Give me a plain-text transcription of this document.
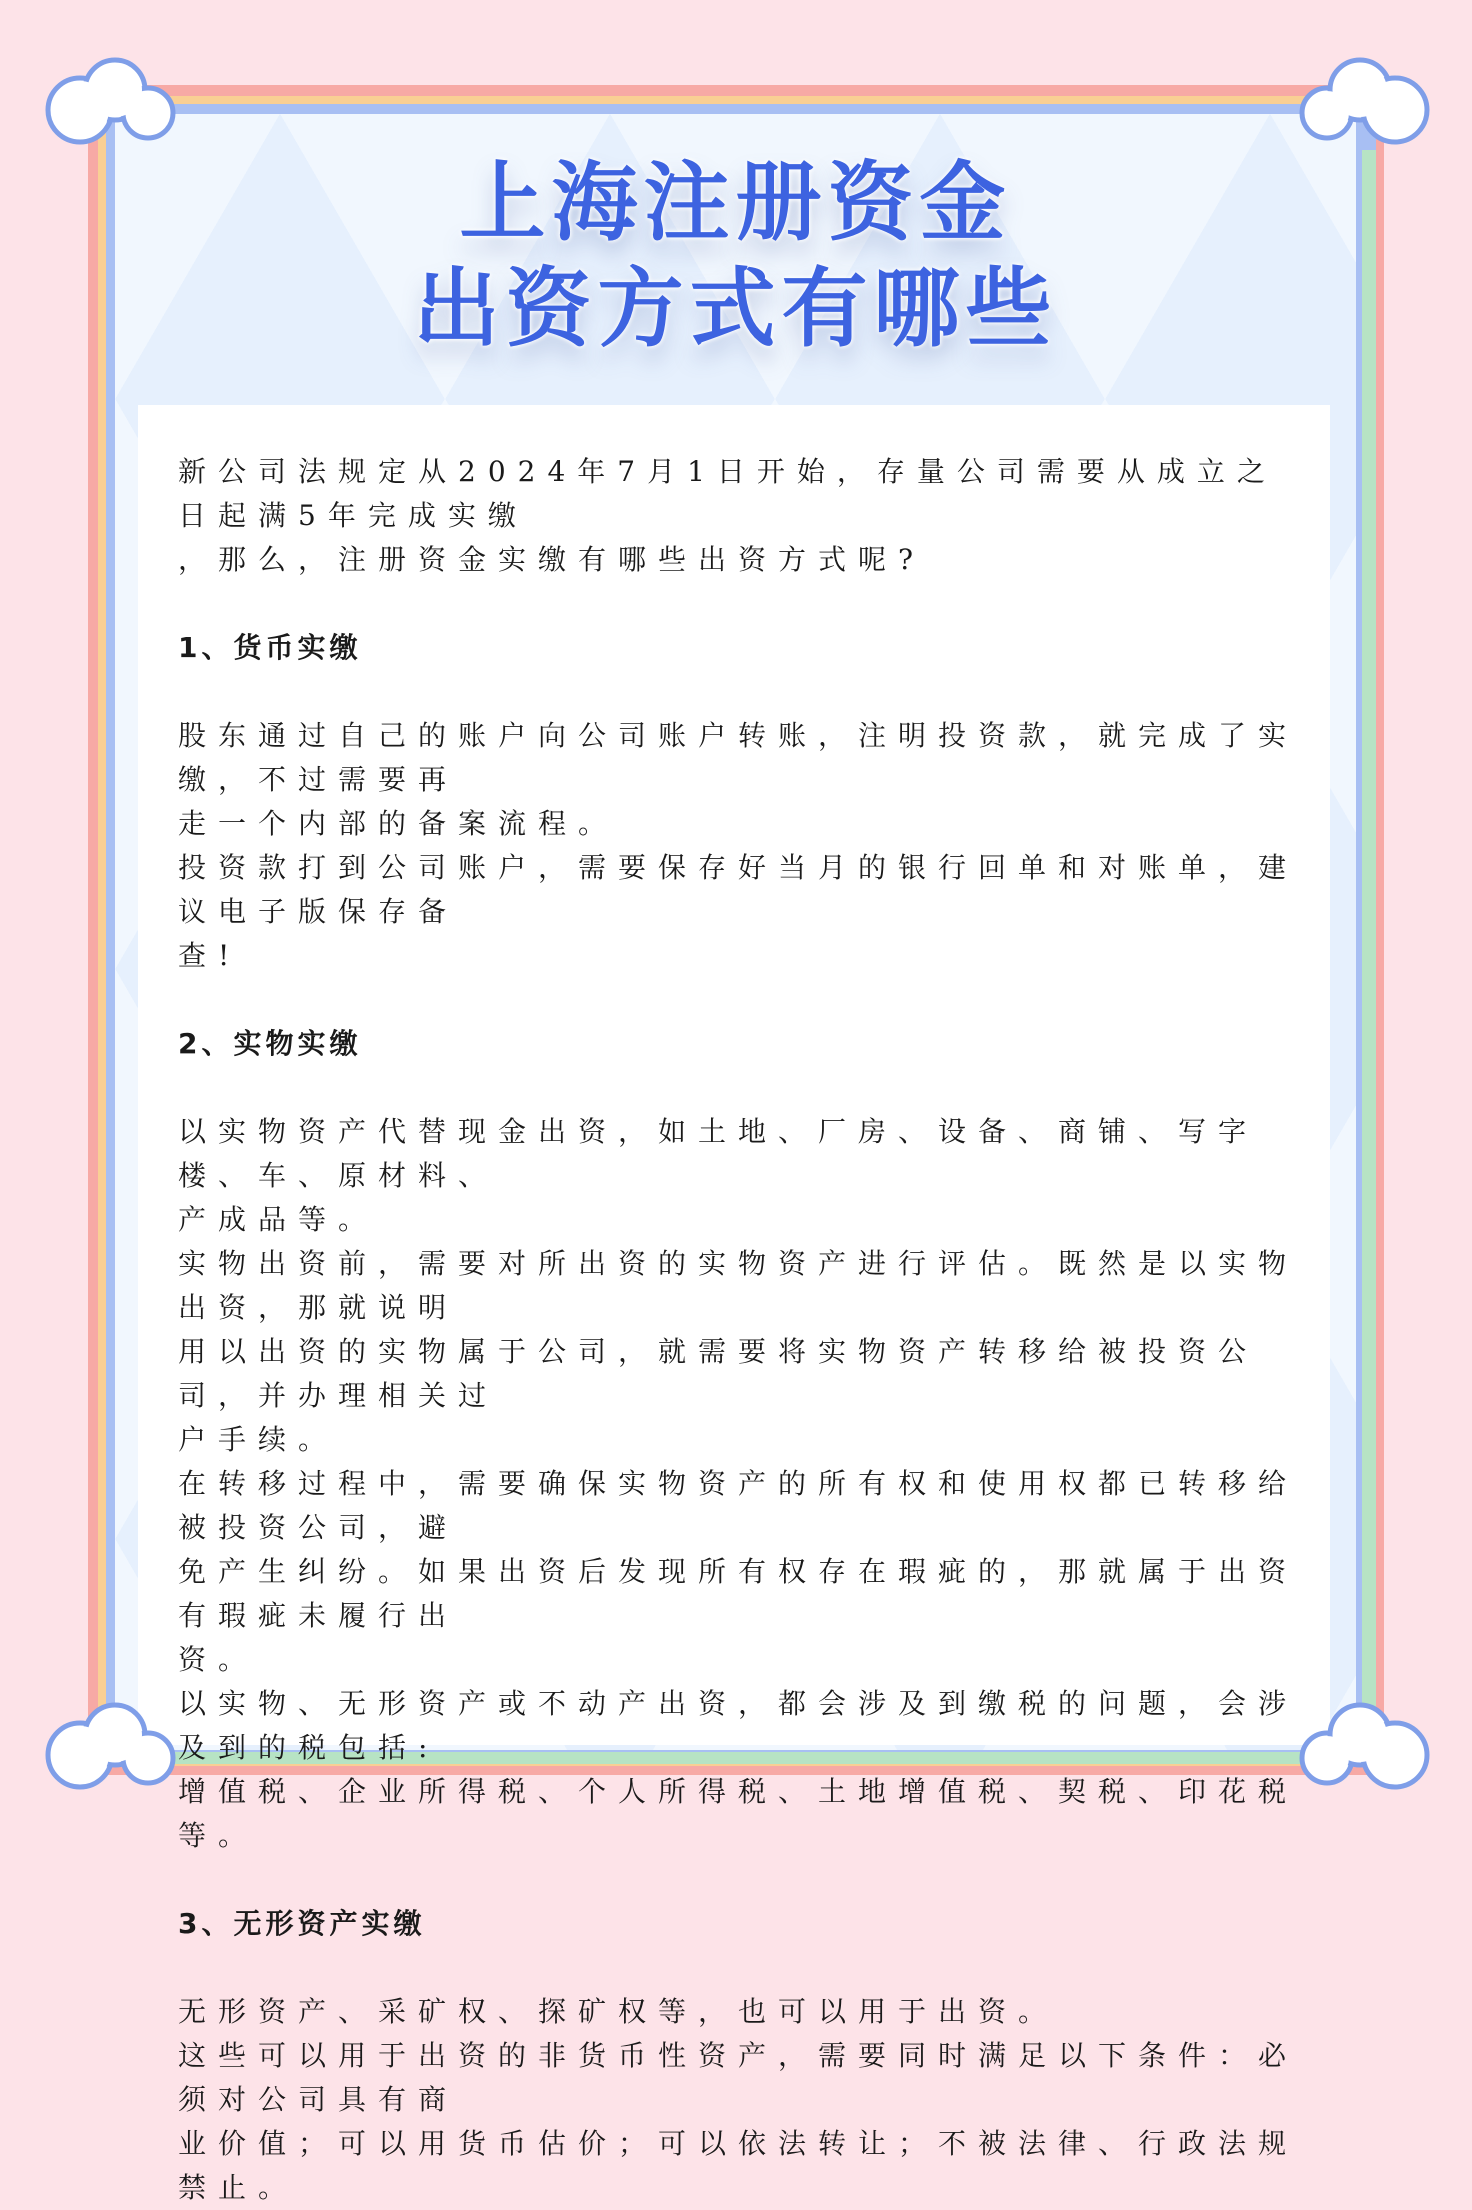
上海注册资金
出资方式有哪些
新公司法规定从2024年7月1日开始，存量公司需要从成立之日起满5年完成实缴
，那么，注册资金实缴有哪些出资方式呢?
1、货币实缴
股东通过自己的账户向公司账户转账，注明投资款，就完成了实缴，不过需要再
走一个内部的备案流程。
投资款打到公司账户，需要保存好当月的银行回单和对账单，建议电子版保存备
查!
2、实物实缴
以实物资产代替现金出资，如土地、厂房、设备、商铺、写字楼、车、原材料、
产成品等。
实物出资前，需要对所出资的实物资产进行评估。既然是以实物出资，那就说明
用以出资的实物属于公司，就需要将实物资产转移给被投资公司，并办理相关过
户手续。
在转移过程中，需要确保实物资产的所有权和使用权都已转移给被投资公司，避
免产生纠纷。如果出资后发现所有权存在瑕疵的，那就属于出资有瑕疵未履行出
资。
以实物、无形资产或不动产出资，都会涉及到缴税的问题，会涉及到的税包括:
增值税、企业所得税、个人所得税、土地增值税、契税、印花税等。
3、无形资产实缴
无形资产、采矿权、探矿权等，也可以用于出资。
这些可以用于出资的非货币性资产，需要同时满足以下条件：必须对公司具有商
业价值；可以用货币估价；可以依法转让；不被法律、行政法规禁止。
